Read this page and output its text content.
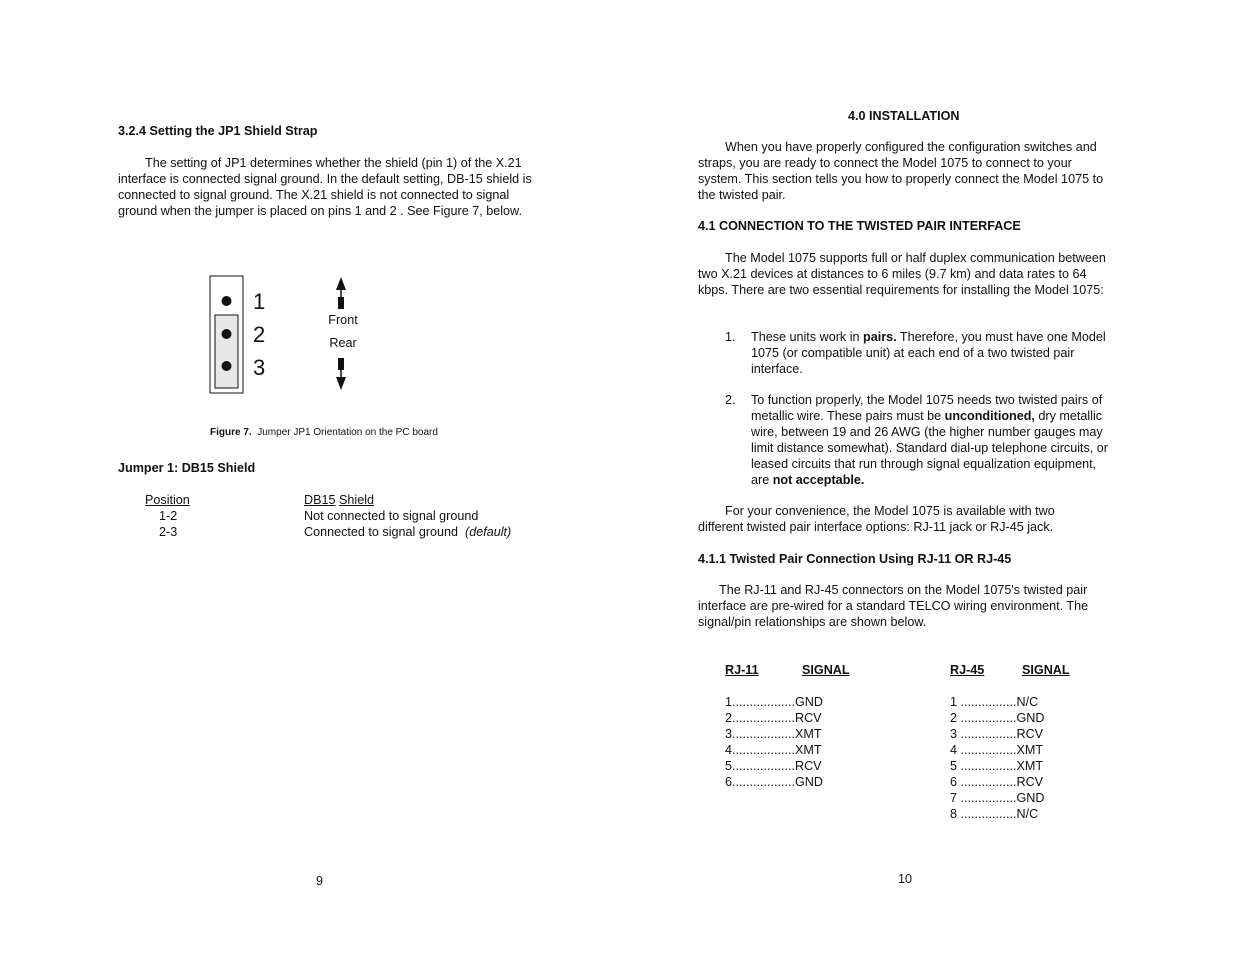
3.2.4 Setting the JP1 Shield Strap
The setting of JP1 determines whether the shield (pin 1) of the X.21 interface is connected signal ground. In the default setting, DB-15 shield is connected to signal ground. The X.21 shield is not connected to signal ground when the jumper is placed on pins 1 and 2 . See Figure 7, below.
1
2
3
Front
Rear
Figure 7. Jumper JP1 Orientation on the PC board
Jumper 1: DB15 Shield
Position	DB15 Shield
1-2	Not connected to signal ground
2-3	Connected to signal ground (default)
9
4.0 INSTALLATION
When you have properly configured the configuration switches and straps, you are ready to connect the Model 1075 to connect to your system. This section tells you how to properly connect the Model 1075 to the twisted pair.
4.1 CONNECTION TO THE TWISTED PAIR INTERFACE
The Model 1075 supports full or half duplex communication between two X.21 devices at distances to 6 miles (9.7 km) and data rates to 64 kbps. There are two essential requirements for installing the Model 1075:
1. These units work in pairs. Therefore, you must have one Model 1075 (or compatible unit) at each end of a two twisted pair interface.
2. To function properly, the Model 1075 needs two twisted pairs of metallic wire. These pairs must be unconditioned, dry metallic wire, between 19 and 26 AWG (the higher number gauges may limit distance somewhat). Standard dial-up telephone circuits, or leased circuits that run through signal equalization equipment, are not acceptable.
For your convenience, the Model 1075 is available with two different twisted pair interface options: RJ-11 jack or RJ-45 jack.
4.1.1 Twisted Pair Connection Using RJ-11 OR RJ-45
The RJ-11 and RJ-45 connectors on the Model 1075's twisted pair interface are pre-wired for a standard TELCO wiring environment. The signal/pin relationships are shown below.
RJ-11	SIGNAL
1..................GND
2..................RCV
3..................XMT
4..................XMT
5..................RCV
6..................GND
RJ-45	SIGNAL
1 ................N/C
2 ................GND
3 ................RCV
4 ................XMT
5 ................XMT
6 ................RCV
7 ................GND
8 ................N/C
10
